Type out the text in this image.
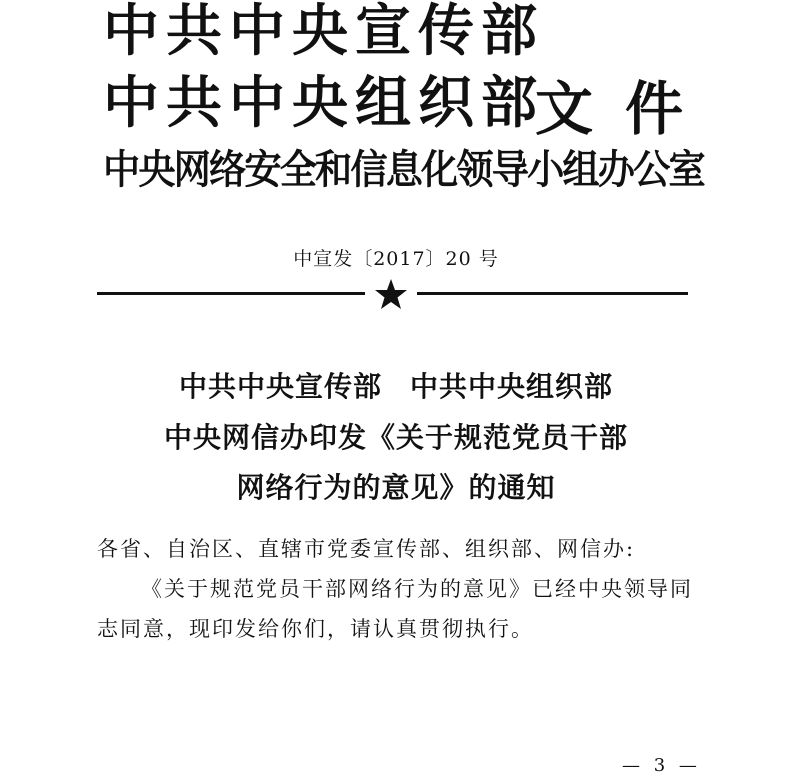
中共中央宣传部
中共中央组织部
文件
中央网络安全和信息化领导小组办公室
中宣发〔2017〕20 号
中共中央宣传部 中共中央组织部
中央网信办印发《关于规范党员干部
网络行为的意见》的通知
各省、自治区、直辖市党委宣传部、组织部、网信办:
《关于规范党员干部网络行为的意见》已经中央领导同
志同意，现印发给你们，请认真贯彻执行。
— 3 —
